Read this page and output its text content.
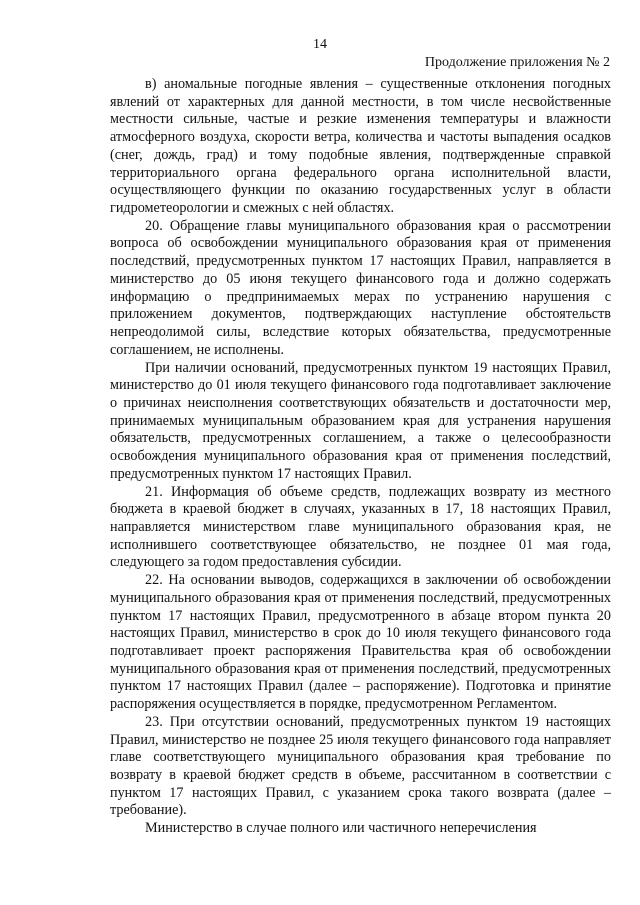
14
Продолжение приложения № 2

в) аномальные погодные явления – существенные отклонения погодных явлений от характерных для данной местности, в том числе несвойственные местности сильные, частые и резкие изменения температуры и влажности атмосферного воздуха, скорости ветра, количества и частоты выпадения осадков (снег, дождь, град) и тому подобные явления, подтвержденные справкой территориального органа федерального органа исполнительной власти, осуществляющего функции по оказанию государственных услуг в области гидрометеорологии и смежных с ней областях.

20. Обращение главы муниципального образования края о рассмотрении вопроса об освобождении муниципального образования края от применения последствий, предусмотренных пунктом 17 настоящих Правил, направляется в министерство до 05 июня текущего финансового года и должно содержать информацию о предпринимаемых мерах по устранению нарушения с приложением документов, подтверждающих наступление обстоятельств непреодолимой силы, вследствие которых обязательства, предусмотренные соглашением, не исполнены.

При наличии оснований, предусмотренных пунктом 19 настоящих Правил, министерство до 01 июля текущего финансового года подготавливает заключение о причинах неисполнения соответствующих обязательств и достаточности мер, принимаемых муниципальным образованием края для устранения нарушения обязательств, предусмотренных соглашением, а также о целесообразности освобождения муниципального образования края от применения последствий, предусмотренных пунктом 17 настоящих Правил.

21. Информация об объеме средств, подлежащих возврату из местного бюджета в краевой бюджет в случаях, указанных в 17, 18 настоящих Правил, направляется министерством главе муниципального образования края, не исполнившего соответствующее обязательство, не позднее 01 мая года, следующего за годом предоставления субсидии.

22. На основании выводов, содержащихся в заключении об освобождении муниципального образования края от применения последствий, предусмотренных пунктом 17 настоящих Правил, предусмотренного в абзаце втором пункта 20 настоящих Правил, министерство в срок до 10 июля текущего финансового года подготавливает проект распоряжения Правительства края об освобождении муниципального образования края от применения последствий, предусмотренных пунктом 17 настоящих Правил (далее – распоряжение). Подготовка и принятие распоряжения осуществляется в порядке, предусмотренном Регламентом.

23. При отсутствии оснований, предусмотренных пунктом 19 настоящих Правил, министерство не позднее 25 июля текущего финансового года направляет главе соответствующего муниципального образования края требование по возврату в краевой бюджет средств в объеме, рассчитанном в соответствии с пунктом 17 настоящих Правил, с указанием срока такого возврата (далее – требование).

Министерство в случае полного или частичного неперечисления
